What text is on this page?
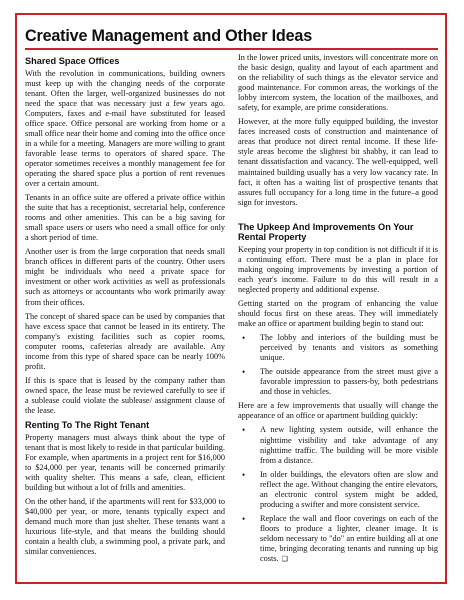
Creative Management and Other Ideas
Shared Space Offices

With the revolution in communications, building owners must keep up with the changing needs of the corporate tenant. Often the larger, well-organized businesses do not need the space that was necessary just a few years ago. Computers, faxes and e-mail have substituted for leased office space. Office personal are working from home or a small office near their home and coming into the office once in a while for a meeting. Managers are more willing to grant favorable lease terms to operators of shared space. The operator sometimes receives a monthly management fee for operating the shared space plus a portion of rent revenues over a certain amount.

Tenants in an office suite are offered a private office within the suite that has a receptionist, secretarial help, conference rooms and other amenities. This can be a big saving for small space users or users who need a small office for only a short period of time.

Another user is from the large corporation that needs small branch offices in different parts of the country. Other users might be individuals who need a private space for investment or other work activities as well as professionals such as attorneys or accountants who work primarily away from their offices.

The concept of shared space can be used by companies that have excess space that cannot be leased in its entirety. The company's existing facilities such as copier rooms, computer rooms, cafeterias already are available. Any income from this type of shared space can be nearly 100% profit.

If this is space that is leased by the company rather than owned space, the lease must be reviewed carefully to see if a sublease could violate the sublease/ assignment clause of the lease.

Renting To The Right Tenant

Property managers must always think about the type of tenant that is most likely to reside in that particular building. For example, when apartments in a project rent for $16,000 to $24,000 per year, tenants will be concerned primarily with quality shelter. This means a safe, clean, efficient building but without a lot of frills and amenities.

On the other hand, if the apartments will rent for $33,000 to $40,000 per year, or more, tenants typically expect and demand much more than just shelter. These tenants want a luxurious life-style, and that means the building should contain a health club, a swimming pool, a private park, and similar conveniences.

In the lower priced units, investors will concentrate more on the basic design, quality and layout of each apartment and on the reliability of such things as the elevator service and good maintenance. For common areas, the workings of the lobby intercom system, the location of the mailboxes, and safety, for example, are prime considerations.

However, at the more fully equipped building, the investor faces increased costs of construction and maintenance of areas that produce not direct rental income. If these life-style areas become the slightest bit shabby, it can lead to tenant dissatisfaction and vacancy. The well-equipped, well maintained building usually has a very low vacancy rate. In fact, it often has a waiting list of prospective tenants that assures full occupancy for a long time in the future–a good sign for investors.

The Upkeep And Improvements On Your Rental Property

Keeping your property in top condition is not difficult if it is a continuing effort. There must be a plan in place for making ongoing improvements by investing a portion of each year's income. Failure to do this will result in a neglected property and additional expense.

Getting started on the program of enhancing the value should focus first on these areas. They will immediately make an office or apartment building begin to stand out:

• The lobby and interiors of the building must be perceived by tenants and visitors as something unique.
• The outside appearance from the street must give a favorable impression to passers-by, both pedestrians and those in vehicles.

Here are a few improvements that usually will change the appearance of an office or apartment building quickly:

• A new lighting system outside, will enhance the nighttime visibility and take advantage of any nighttime traffic. The building will be more visible from a distance.
• In older buildings, the elevators often are slow and reflect the age. Without changing the entire elevators, an electronic control system might be added, producing a swifter and more consistent service.
• Replace the wall and floor coverings on each of the floors to produce a lighter, cleaner image. It is seldom necessary to "do" an entire building all at one time, bringing decorating tenants and running up big costs. ❑
